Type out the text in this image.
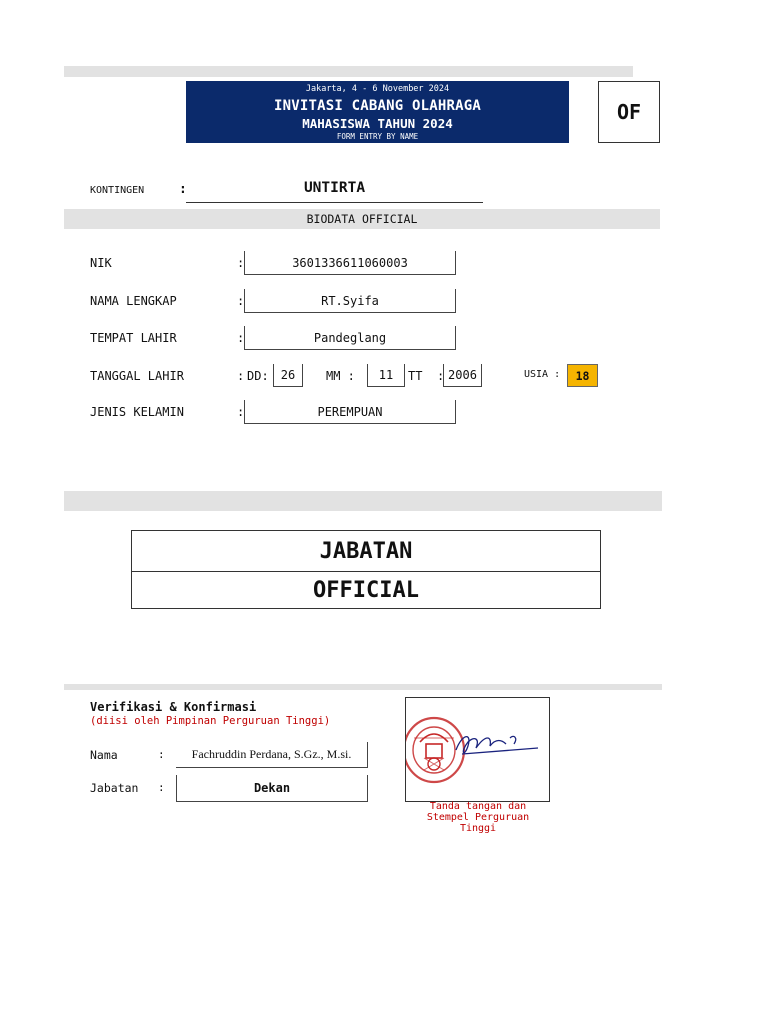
Jakarta, 4 - 6 November 2024
INVITASI CABANG OLAHRAGA
MAHASISWA TAHUN 2024
FORM ENTRY BY NAME
OF
KONTINGEN	:	UNTIRTA
BIODATA OFFICIAL
NIK	:	3601336611060003
NAMA LENGKAP	:	RT.Syifa
TEMPAT LAHIR	:	Pandeglang
TANGGAL LAHIR	: DD:	26	MM :	11	TT : 2006	USIA :	18
JENIS KELAMIN	:	PEREMPUAN
JABATAN
OFFICIAL
Verifikasi & Konfirmasi
(diisi oleh Pimpinan Perguruan Tinggi)
Nama	:	Fachruddin Perdana, S.Gz., M.si.
Jabatan :	Dekan
Tanda tangan dan Stempel Perguruan Tinggi
